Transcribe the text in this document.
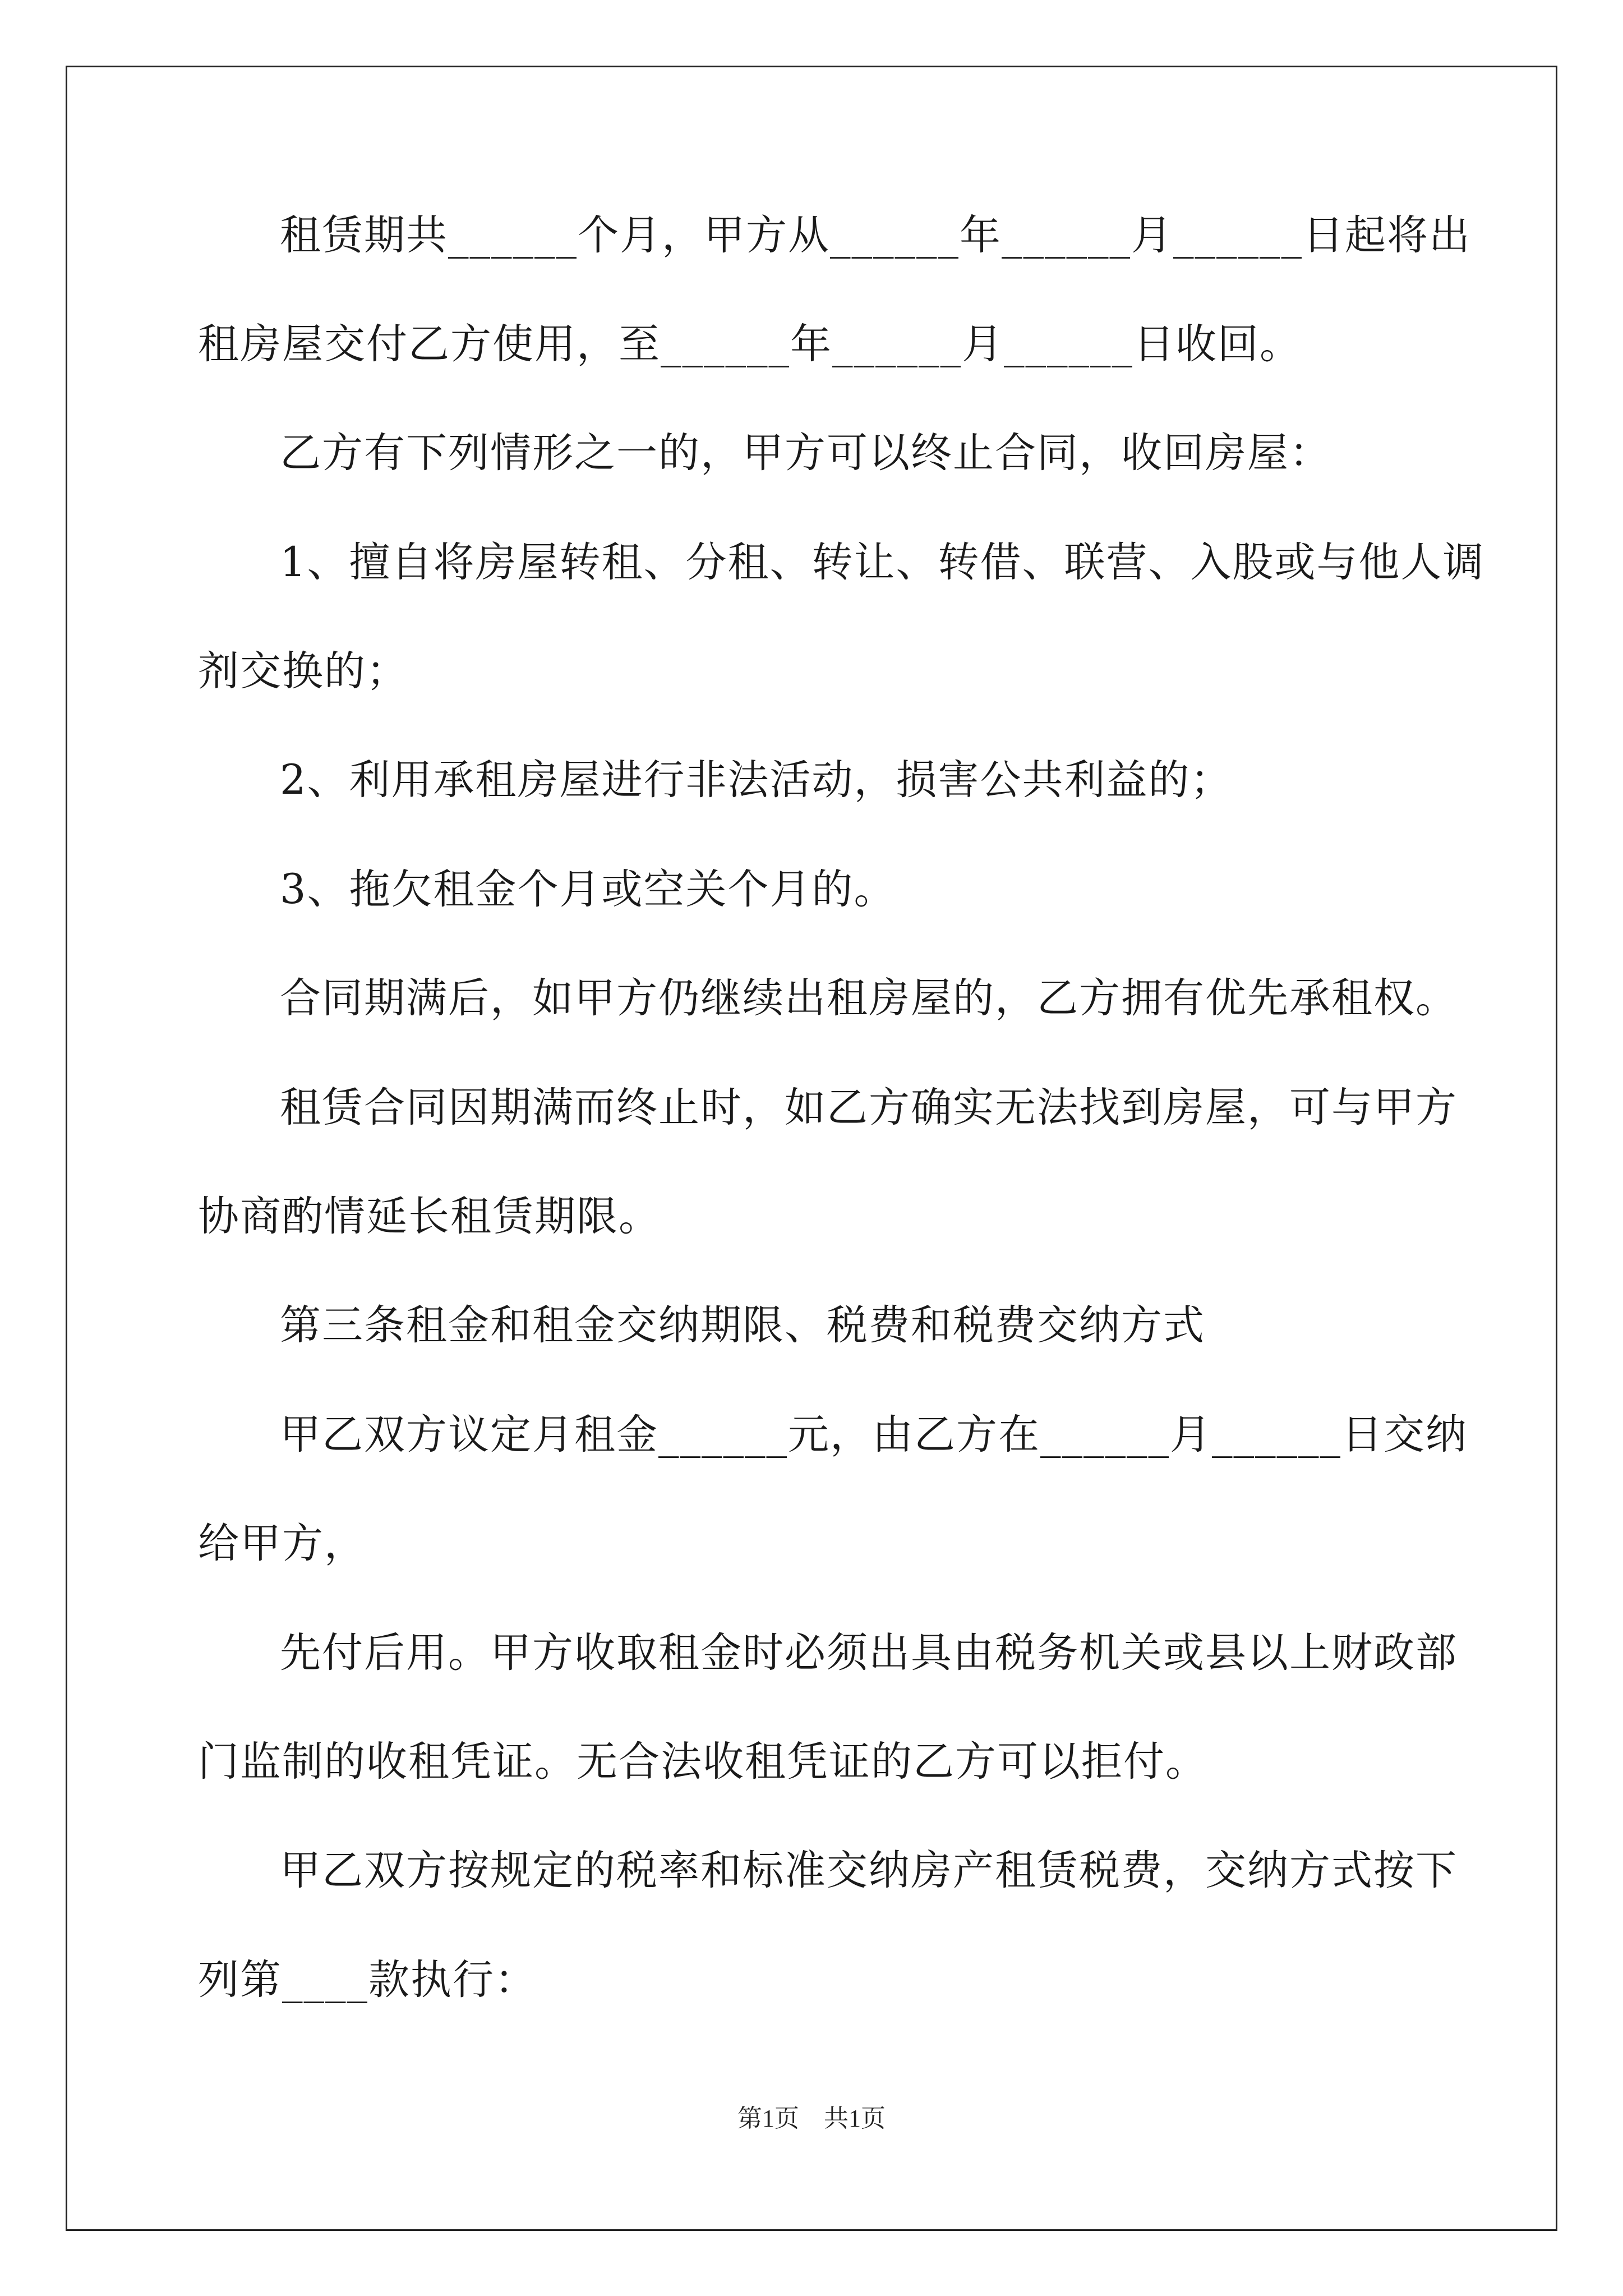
租赁期共______个月，甲方从______年______月______日起将出
租房屋交付乙方使用，至______年______月______日收回。
乙方有下列情形之一的，甲方可以终止合同，收回房屋：
1、擅自将房屋转租、分租、转让、转借、联营、入股或与他人调
剂交换的；
2、利用承租房屋进行非法活动，损害公共利益的；
3、拖欠租金个月或空关个月的。
合同期满后，如甲方仍继续出租房屋的，乙方拥有优先承租权。
租赁合同因期满而终止时，如乙方确实无法找到房屋，可与甲方
协商酌情延长租赁期限。
第三条租金和租金交纳期限、税费和税费交纳方式
甲乙双方议定月租金______元，由乙方在______月______日交纳
给甲方，
先付后用。甲方收取租金时必须出具由税务机关或县以上财政部
门监制的收租凭证。无合法收租凭证的乙方可以拒付。
甲乙双方按规定的税率和标准交纳房产租赁税费，交纳方式按下
列第____款执行：
第1页　共1页
